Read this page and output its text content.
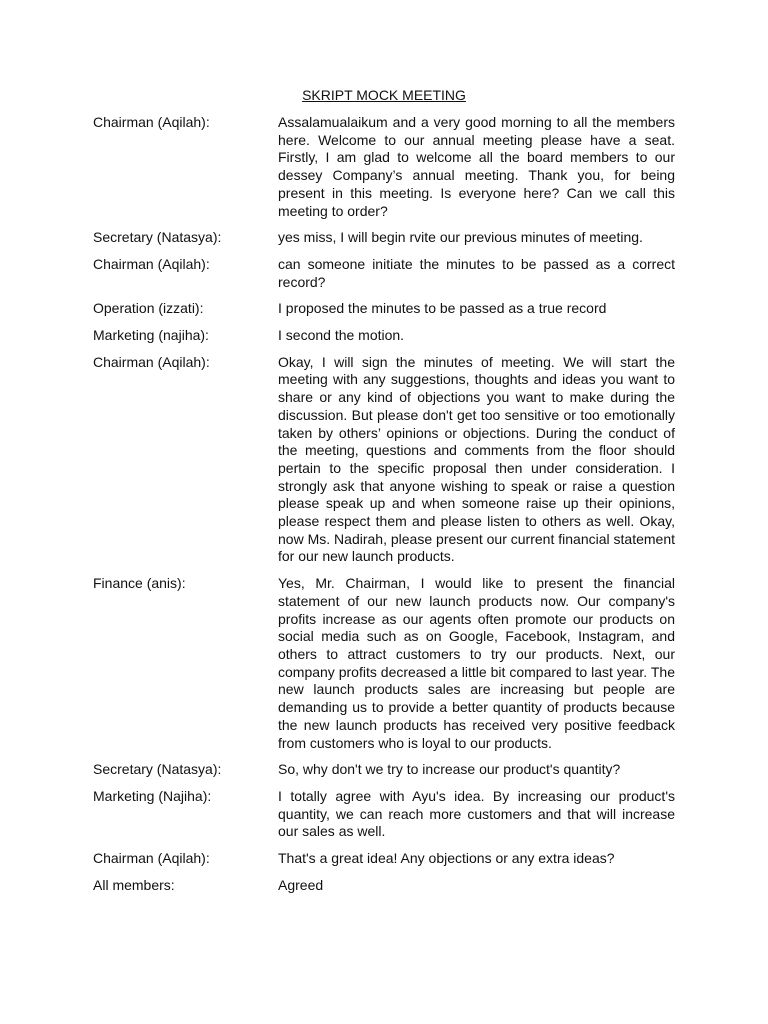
SKRIPT MOCK MEETING
Chairman (Aqilah):	Assalamualaikum and a very good morning to all the members here. Welcome to our annual meeting please have a seat. Firstly, I am glad to welcome all the board members to our dessey Company’s annual meeting. Thank you, for being present in this meeting. Is everyone here? Can we call this meeting to order?
Secretary (Natasya):	yes miss, I will begin rvite our previous minutes of meeting.
Chairman (Aqilah):	can someone initiate the minutes to be passed as a correct record?
Operation (izzati):	I proposed the minutes to be passed as a true record
Marketing (najiha):	I second the motion.
Chairman (Aqilah):	Okay, I will sign the minutes of meeting. We will start the meeting with any suggestions, thoughts and ideas you want to share or any kind of objections you want to make during the discussion. But please don't get too sensitive or too emotionally taken by others’ opinions or objections. During the conduct of the meeting, questions and comments from the floor should pertain to the specific proposal then under consideration. I strongly ask that anyone wishing to speak or raise a question please speak up and when someone raise up their opinions, please respect them and please listen to others as well. Okay, now Ms. Nadirah, please present our current financial statement for our new launch products.
Finance (anis):	Yes, Mr. Chairman, I would like to present the financial statement of our new launch products now. Our company's profits increase as our agents often promote our products on social media such as on Google, Facebook, Instagram, and others to attract customers to try our products. Next, our company profits decreased a little bit compared to last year. The new launch products sales are increasing but people are demanding us to provide a better quantity of products because the new launch products has received very positive feedback from customers who is loyal to our products.
Secretary (Natasya):	So, why don't we try to increase our product's quantity?
Marketing (Najiha):	I totally agree with Ayu's idea. By increasing our product's quantity, we can reach more customers and that will increase our sales as well.
Chairman (Aqilah):	That's a great idea! Any objections or any extra ideas?
All members:	Agreed
